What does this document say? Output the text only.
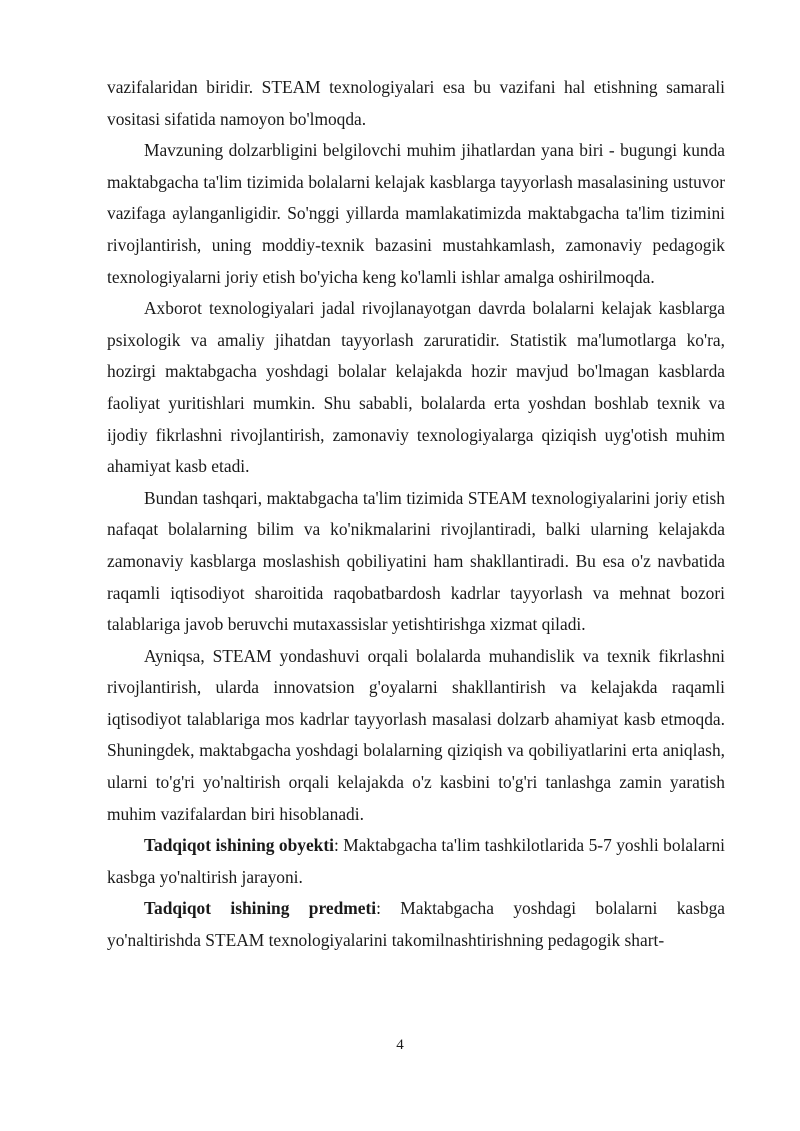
vazifalaridan biridir. STEAM texnologiyalari esa bu vazifani hal etishning samarali vositasi sifatida namoyon bo'lmoqda.

Mavzuning dolzarbligini belgilovchi muhim jihatlardan yana biri - bugungi kunda maktabgacha ta'lim tizimida bolalarni kelajak kasblarga tayyorlash masalasining ustuvor vazifaga aylanganligidir. So'nggi yillarda mamlakatimizda maktabgacha ta'lim tizimini rivojlantirish, uning moddiy-texnik bazasini mustahkamlash, zamonaviy pedagogik texnologiyalarni joriy etish bo'yicha keng ko'lamli ishlar amalga oshirilmoqda.

Axborot texnologiyalari jadal rivojlanayotgan davrda bolalarni kelajak kasblarga psixologik va amaliy jihatdan tayyorlash zaruratidir. Statistik ma'lumotlarga ko'ra, hozirgi maktabgacha yoshdagi bolalar kelajakda hozir mavjud bo'lmagan kasblarda faoliyat yuritishlari mumkin. Shu sababli, bolalarda erta yoshdan boshlab texnik va ijodiy fikrlashni rivojlantirish, zamonaviy texnologiyalarga qiziqish uyg'otish muhim ahamiyat kasb etadi.

Bundan tashqari, maktabgacha ta'lim tizimida STEAM texnologiyalarini joriy etish nafaqat bolalarning bilim va ko'nikmalarini rivojlantiradi, balki ularning kelajakda zamonaviy kasblarga moslashish qobiliyatini ham shakllantiradi. Bu esa o'z navbatida raqamli iqtisodiyot sharoitida raqobatbardosh kadrlar tayyorlash va mehnat bozori talablariga javob beruvchi mutaxassislar yetishtirishga xizmat qiladi.

Ayniqsa, STEAM yondashuvi orqali bolalarda muhandislik va texnik fikrlashni rivojlantirish, ularda innovatsion g'oyalarni shakllantirish va kelajakda raqamli iqtisodiyot talablariga mos kadrlar tayyorlash masalasi dolzarb ahamiyat kasb etmoqda. Shuningdek, maktabgacha yoshdagi bolalarning qiziqish va qobiliyatlarini erta aniqlash, ularni to'g'ri yo'naltirish orqali kelajakda o'z kasbini to'g'ri tanlashga zamin yaratish muhim vazifalardan biri hisoblanadi.

Tadqiqot ishining obyekti: Maktabgacha ta'lim tashkilotlarida 5-7 yoshli bolalarni kasbga yo'naltirish jarayoni.

Tadqiqot ishining predmeti: Maktabgacha yoshdagi bolalarni kasbga yo'naltirishda STEAM texnologiyalarini takomilnashtirishning pedagogik shart-

4
